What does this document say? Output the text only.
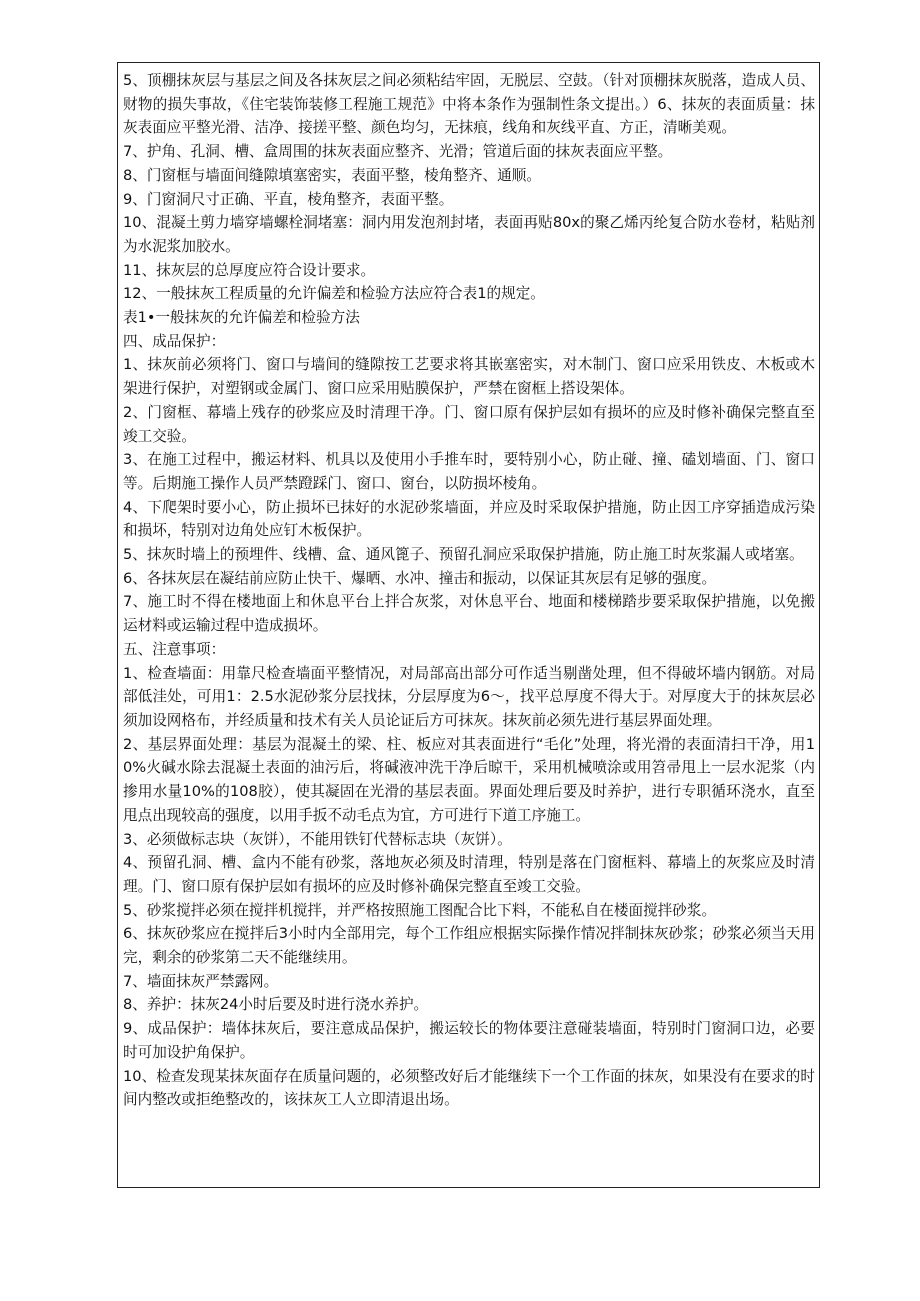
5、顶棚抹灰层与基层之间及各抹灰层之间必须粘结牢固，无脱层、空鼓。（针对顶棚抹灰脱落，造成人员、财物的损失事故，《住宅装饰装修工程施工规范》中将本条作为强制性条文提出。）6、抹灰的表面质量：抹灰表面应平整光滑、洁净、接搓平整、颜色均匀，无抹痕，线角和灰线平直、方正，清晰美观。

7、护角、孔洞、槽、盒周围的抹灰表面应整齐、光滑；管道后面的抹灰表面应平整。

8、门窗框与墙面间缝隙填塞密实，表面平整，棱角整齐、通顺。

9、门窗洞尺寸正确、平直，棱角整齐，表面平整。

10、混凝土剪力墙穿墙螺栓洞堵塞：洞内用发泡剂封堵，表面再贴80x的聚乙烯丙纶复合防水卷材，粘贴剂为水泥浆加胶水。

11、抹灰层的总厚度应符合设计要求。

12、一般抹灰工程质量的允许偏差和检验方法应符合表1的规定。

表1•一般抹灰的允许偏差和检验方法

四、成品保护：

1、抹灰前必须将门、窗口与墙间的缝隙按工艺要求将其嵌塞密实，对木制门、窗口应采用铁皮、木板或木架进行保护，对塑钢或金属门、窗口应采用贴膜保护，严禁在窗框上搭设架体。

2、门窗框、幕墙上残存的砂浆应及时清理干净。门、窗口原有保护层如有损坏的应及时修补确保完整直至竣工交验。

3、在施工过程中，搬运材料、机具以及使用小手推车时，要特别小心，防止碰、撞、磕划墙面、门、窗口等。后期施工操作人员严禁蹬踩门、窗口、窗台，以防损坏棱角。

4、下爬架时要小心，防止损坏已抹好的水泥砂浆墙面，并应及时采取保护措施，防止因工序穿插造成污染和损坏，特别对边角处应钉木板保护。

5、抹灰时墙上的预埋件、线槽、盒、通风篦子、预留孔洞应采取保护措施，防止施工时灰浆漏人或堵塞。

6、各抹灰层在凝结前应防止快干、爆晒、水冲、撞击和振动，以保证其灰层有足够的强度。

7、施工时不得在楼地面上和休息平台上拌合灰浆，对休息平台、地面和楼梯踏步要采取保护措施，以免搬运材料或运输过程中造成损坏。

五、注意事项：

1、检查墙面：用靠尺检查墙面平整情况，对局部高出部分可作适当剔凿处理，但不得破坏墙内钢筋。对局部低洼处，可用1：2.5水泥砂浆分层找抹，分层厚度为6〜，找平总厚度不得大于。对厚度大于的抹灰层必须加设网格布，并经质量和技术有关人员论证后方可抹灰。抹灰前必须先进行基层界面处理。

2、基层界面处理：基层为混凝土的梁、柱、板应对其表面进行“毛化”处理，将光滑的表面清扫干净，用10%火碱水除去混凝土表面的油污后，将碱液冲洗干净后晾干，采用机械喷涂或用笤帚甩上一层水泥浆（内掺用水量10%的108胶），使其凝固在光滑的基层表面。界面处理后要及时养护，进行专职循环浇水，直至甩点出现较高的强度，以用手扳不动毛点为宜，方可进行下道工序施工。

3、必须做标志块（灰饼），不能用铁钉代替标志块（灰饼）。

4、预留孔洞、槽、盒内不能有砂浆，落地灰必须及时清理，特别是落在门窗框料、幕墙上的灰浆应及时清理。门、窗口原有保护层如有损坏的应及时修补确保完整直至竣工交验。

5、砂浆搅拌必须在搅拌机搅拌，并严格按照施工图配合比下料，不能私自在楼面搅拌砂浆。

6、抹灰砂浆应在搅拌后3小时内全部用完，每个工作组应根据实际操作情况拌制抹灰砂浆；砂浆必须当天用完，剩余的砂浆第二天不能继续用。

7、墙面抹灰严禁露网。

8、养护：抹灰24小时后要及时进行浇水养护。

9、成品保护：墙体抹灰后，要注意成品保护，搬运较长的物体要注意碰装墙面，特别时门窗洞口边，必要时可加设护角保护。

10、检查发现某抹灰面存在质量问题的，必须整改好后才能继续下一个工作面的抹灰，如果没有在要求的时间内整改或拒绝整改的，该抹灰工人立即清退出场。
